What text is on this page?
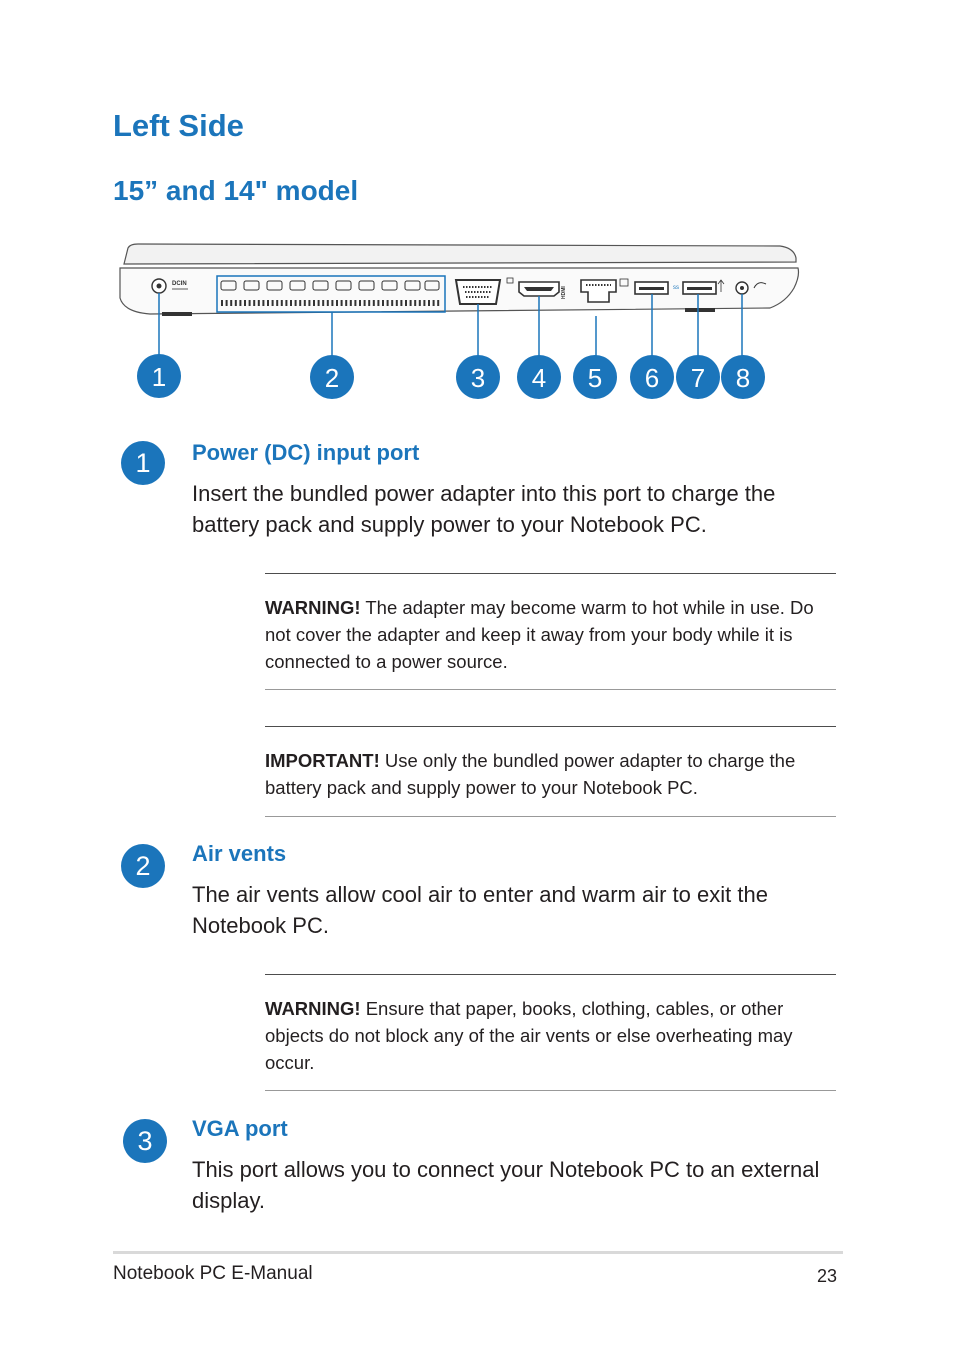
Left Side
15” and 14" model
DCIN
HDMI	ss
1	2	3 4 5 6 7 8
1	Power (DC) input port
Insert the bundled power adapter into this port to charge the battery pack and supply power to your Notebook PC.
WARNING! The adapter may become warm to hot while in use. Do not cover the adapter and keep it away from your body while it is connected to a power source.
IMPORTANT! Use only the bundled power adapter to charge the battery pack and supply power to your Notebook PC.
2	Air vents
The air vents allow cool air to enter and warm air to exit the Notebook PC.
WARNING! Ensure that paper, books, clothing, cables, or other objects do not block any of the air vents or else overheating may occur.
3	VGA port
This port allows you to connect your Notebook PC to an external display.
Notebook PC E-Manual	23
